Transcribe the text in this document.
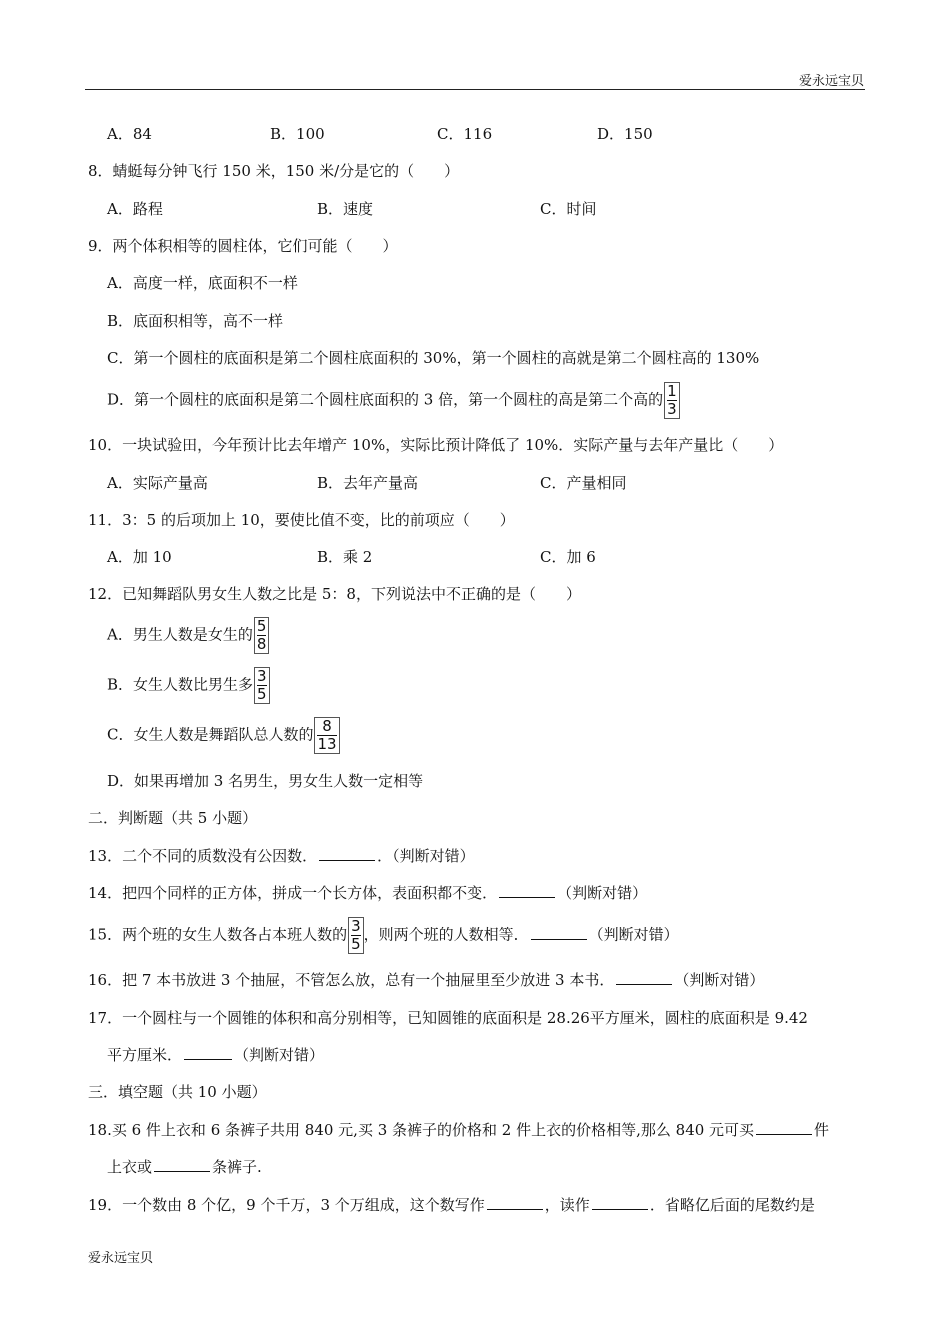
爱永远宝贝
A．84	B．100	C．116	D．150
8．蜻蜓每分钟飞行 150 米，150 米/分是它的（　　）
A．路程	B．速度	C．时间
9．两个体积相等的圆柱体，它们可能（　　）
A．高度一样，底面积不一样
B．底面积相等，高不一样
C．第一个圆柱的底面积是第二个圆柱底面积的 30%，第一个圆柱的高就是第二个圆柱高的 130%
D．第一个圆柱的底面积是第二个圆柱底面积的 3 倍，第一个圆柱的高是第二个高的 $\frac{1}{3}$
10．一块试验田，今年预计比去年增产 10%，实际比预计降低了 10%．实际产量与去年产量比（　　）
A．实际产量高	B．去年产量高	C．产量相同
11．3：5 的后项加上 10，要使比值不变，比的前项应（　　）
A．加 10	B．乘 2	C．加 6
12．已知舞蹈队男女生人数之比是 5：8，下列说法中不正确的是（　　）
A．男生人数是女生的 $\frac{5}{8}$
B．女生人数比男生多 $\frac{3}{5}$
C．女生人数是舞蹈队总人数的 $\frac{8}{13}$
D．如果再增加 3 名男生，男女生人数一定相等
二．判断题（共 5 小题）
13．二个不同的质数没有公因数．	．（判断对错）
14．把四个同样的正方体，拼成一个长方体，表面积都不变．	（判断对错）
15．两个班的女生人数各占本班人数的 $\frac{3}{5}$ ，则两个班的人数相等．	（判断对错）
16．把 7 本书放进 3 个抽屉，不管怎么放，总有一个抽屉里至少放进 3 本书．	（判断对错）
17．一个圆柱与一个圆锥的体积和高分别相等，已知圆锥的底面积是 28.26平方厘米，圆柱的底面积是 9.42
平方厘米．	（判断对错）
三．填空题（共 10 小题）
18.买 6 件上衣和 6 条裤子共用 840 元,买 3 条裤子的价格和 2 件上衣的价格相等,那么 840 元可买	件
上衣或	条裤子.
19．一个数由 8 个亿，9 个千万，3 个万组成，这个数写作	，读作	．省略亿后面的尾数约是
爱永远宝贝
